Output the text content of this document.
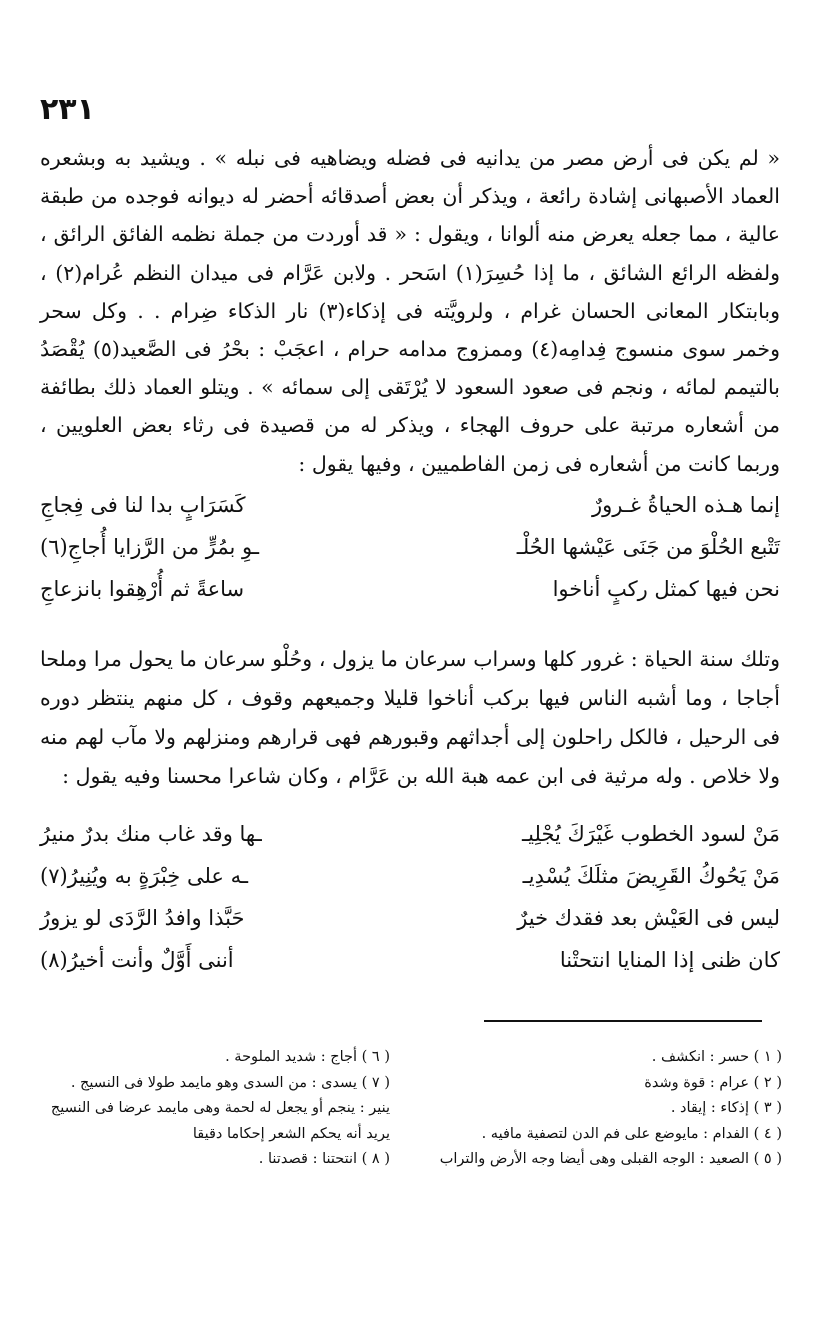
٢٣١

« لم يكن فى أرض مصر من يدانيه فى فضله ويضاهيه فى نبله » . ويشيد به وبشعره العماد الأصبهانى إشادة رائعة ، ويذكر أن بعض أصدقائه أحضر له ديوانه فوجده من طبقة عالية ، مما جعله يعرض منه ألوانا ، ويقول : « قد أوردت من جملة نظمه الفائق الرائق ، ولفظه الرائع الشائق ، ما إذا حُسِرَ(١) اسَحر . ولابن عَرَّام فى ميدان النظم عُرام(٢) ، وبابتكار المعانى الحسان غرام ، ولرويَّته فى إذكاء(٣) نار الذكاء ضِرام . . وكل سحر وخمر سوى منسوج فِدامِه(٤) وممزوج مدامه حرام ، اعجَبْ : بحْرُ فى الصَّعيد(٥) يُقْصَدُ بالتيمم لمائه ، ونجم فى صعود السعود لا يُرْتَقى إلى سمائه » . ويتلو العماد ذلك بطائفة من أشعاره مرتبة على حروف الهجاء ، ويذكر له من قصيدة فى رثاء بعض العلويين ، وربما كانت من أشعاره فى زمن الفاطميين ، وفيها يقول :

إنما هـذه الحياةُ غـرورٌ
كَسَرَابٍ بدا لنا فى فِجاجِ
تَتْبع الحُلْوَ من جَنَى عَيْشها الحُلْـ
ـوِ بمُرٍّ من الرَّزايا أُجاجِ(٦)
نحن فيها كمثل ركبٍ أناخوا
ساعةً ثم أُرْهِقوا بانزعاجِ

وتلك سنة الحياة : غرور كلها وسراب سرعان ما يزول ، وحُلْو سرعان ما يحول مرا وملحا أجاجا ، وما أشبه الناس فيها بركب أناخوا قليلا وجميعهم وقوف ، كل منهم ينتظر دوره فى الرحيل ، فالكل راحلون إلى أجداثهم وقبورهم فهى قرارهم ومنزلهم ولا مآب لهم منه ولا خلاص . وله مرثية فى ابن عمه هبة الله بن عَرَّام ، وكان شاعرا محسنا وفيه يقول :

مَنْ لسود الخطوب غَيْرَكَ يُجْلِيـ
ـها وقد غاب منك بدرٌ منيرُ
مَنْ يَحُوكُ القَرِيضَ مثلَكَ يُسْدِيـ
ـه على خِبْرَةٍ به ويُنِيرُ(٧)
ليس فى العَيْش بعد فقدك خيرٌ
حَبَّذا وافدُ الرَّدَى لو يزورُ
كان ظنى إذا المنايا انتحتْنا
أننى أَوَّلٌ وأنت أخيرُ(٨)
( ١ ) حسر : انكشف .
( ٢ ) عرام : قوة وشدة
( ٣ ) إذكاء : إيقاد .
( ٤ ) الفدام : مايوضع على فم الدن لتصفية مافيه .
( ٥ ) الصعيد : الوجه القبلى وهى أيضا وجه الأرض والتراب
( ٦ ) أجاج : شديد الملوحة .
( ٧ ) يسدى : من السدى وهو مايمد طولا فى النسيج .
ينير : ينجم أو يجعل له لحمة وهى مايمد عرضا فى النسيج
يريد أنه يحكم الشعر إحكاما دقيقا
( ٨ ) انتحتنا : قصدتنا .
